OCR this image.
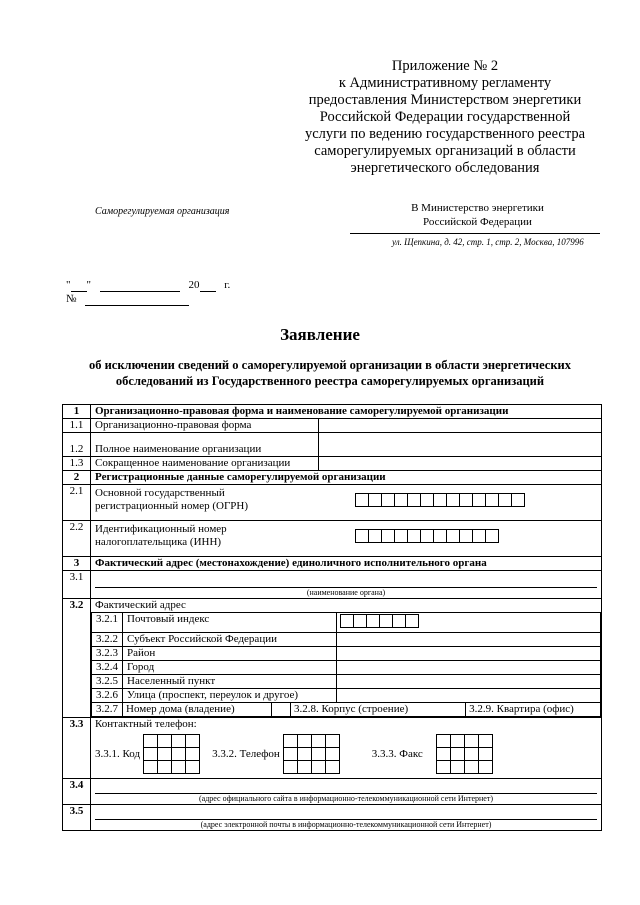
Приложение № 2
к Административному регламенту
предоставления Министерством энергетики
Российской Федерации государственной
услуги по ведению государственного реестра
саморегулируемых организаций в области
энергетического обследования
Саморегулируемая организация	В Министерство энергетики
Российской Федерации
ул. Щепкина, д. 42, стр. 1, стр. 2, Москва, 107996
" "	20 г.
№
Заявление
об исключении сведений о саморегулируемой организации в области энергетических
обследований из Государственного реестра саморегулируемых организаций
1	Организационно-правовая форма и наименование саморегулируемой организации
1.1	Организационно-правовая форма	
1.2	Полное наименование организации	
1.3	Сокращенное наименование организации	
2	Регистрационные данные саморегулируемой организации
2.1	Основной государственный
регистрационный номер (ОГРН)

2.2	Идентификационный номер
налогоплательщика (ИНН)

3	Фактический адрес (местонахождение) единоличного исполнительного органа
3.1	
(наименование органа)

3.2	Фактический адрес
3.2.1	Почтовый индекс	

3.2.2	Субъект Российской Федерации	
3.2.3	Район	
3.2.4	Город	
3.2.5	Населенный пункт	
3.2.6	Улица (проспект, переулок и другое)	
3.2.7	Номер дома (владение)	3.2.8. Корпус (строение)	3.2.9. Квартира (офис)

3.3	Контактный телефон:
3.3.1. Код	3.3.2. Телефон	3.3.3. Факс

3.4	
(адрес официального сайта в информационно-телекоммуникационной сети Интернет)

3.5	
(адрес электронной почты в информационно-телекоммуникационной сети Интернет)
